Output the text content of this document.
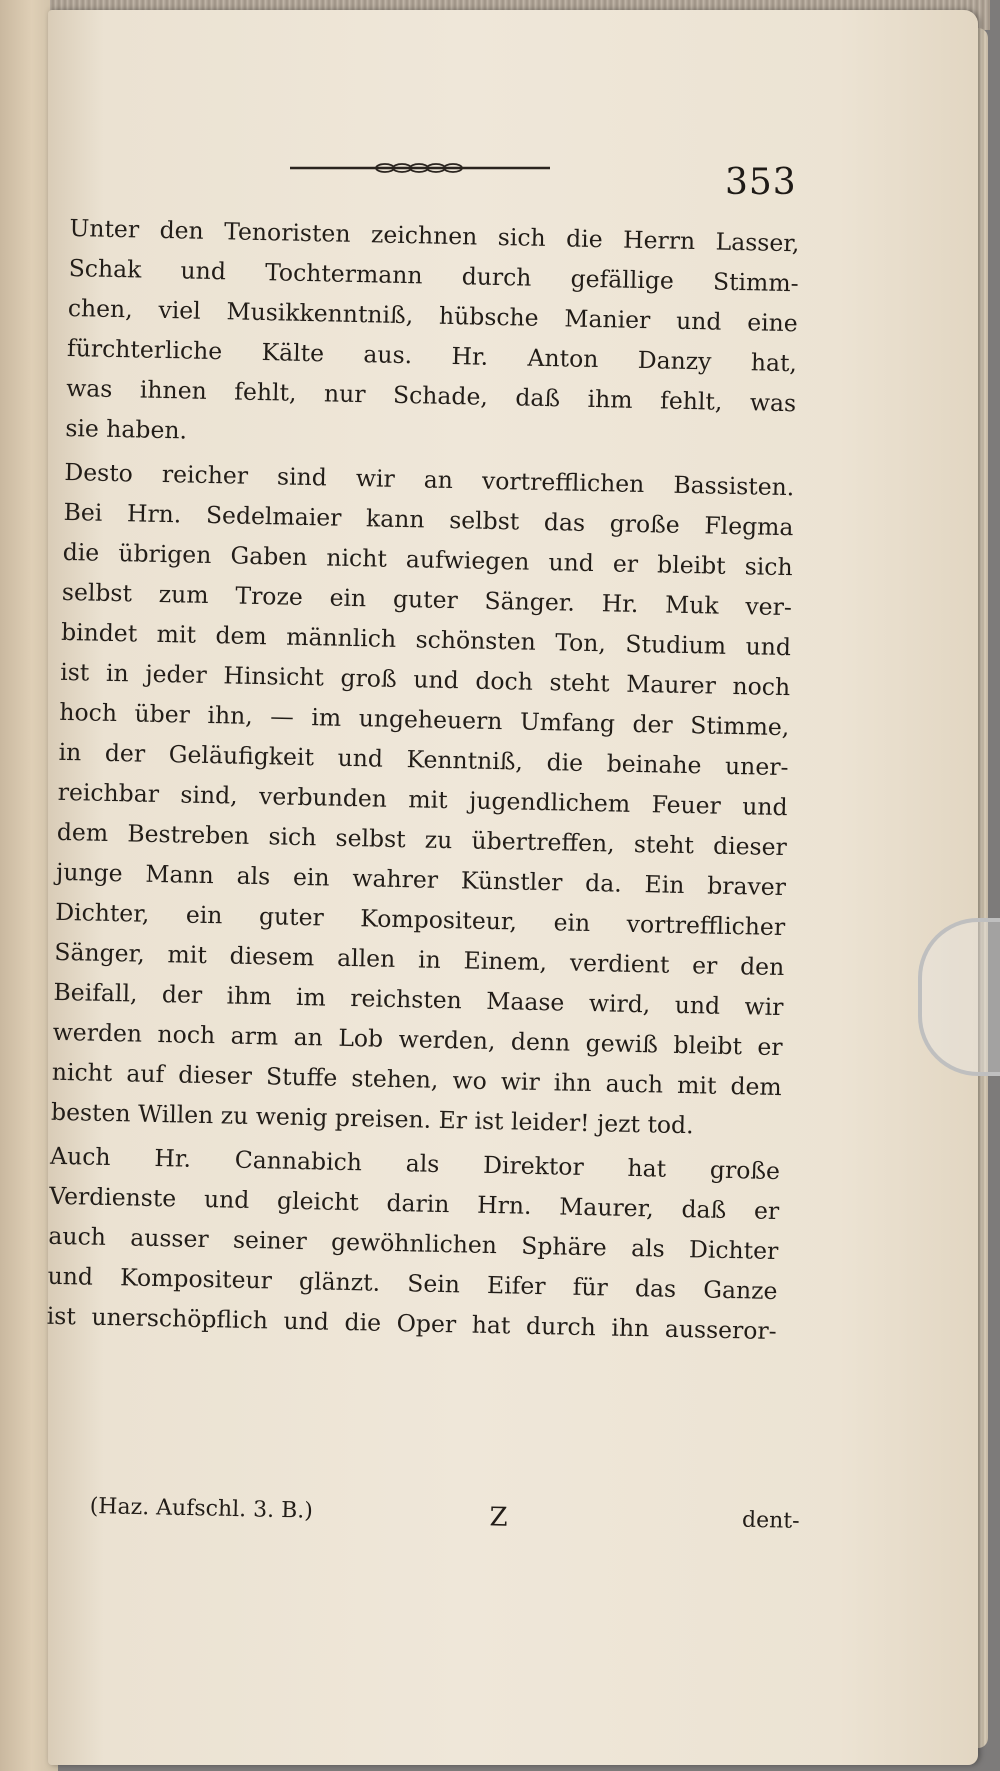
353
Unter den Tenoristen zeichnen sich die Herrn Lasser,
Schak und Tochtermann durch gefällige Stimm-
chen, viel Musikkenntniß, hübsche Manier und eine
fürchterliche Kälte aus. Hr. Anton Danzy hat,
was ihnen fehlt, nur Schade, daß ihm fehlt, was
sie haben.
Desto reicher sind wir an vortrefflichen Bassisten.
Bei Hrn. Sedelmaier kann selbst das große Flegma
die übrigen Gaben nicht aufwiegen und er bleibt sich
selbst zum Troze ein guter Sänger. Hr. Muk ver-
bindet mit dem männlich schönsten Ton, Studium und
ist in jeder Hinsicht groß und doch steht Maurer noch
hoch über ihn, — im ungeheuern Umfang der Stimme,
in der Geläufigkeit und Kenntniß, die beinahe uner-
reichbar sind, verbunden mit jugendlichem Feuer und
dem Bestreben sich selbst zu übertreffen, steht dieser
junge Mann als ein wahrer Künstler da. Ein braver
Dichter, ein guter Kompositeur, ein vortrefflicher
Sänger, mit diesem allen in Einem, verdient er den
Beifall, der ihm im reichsten Maase wird, und wir
werden noch arm an Lob werden, denn gewiß bleibt er
nicht auf dieser Stuffe stehen, wo wir ihn auch mit dem
besten Willen zu wenig preisen. Er ist leider! jezt tod.
Auch Hr. Cannabich als Direktor hat große
Verdienste und gleicht darin Hrn. Maurer, daß er
auch ausser seiner gewöhnlichen Sphäre als Dichter
und Kompositeur glänzt. Sein Eifer für das Ganze
ist unerschöpflich und die Oper hat durch ihn ausseror-
(Haz. Aufschl. 3. B.)	Z	dent-
